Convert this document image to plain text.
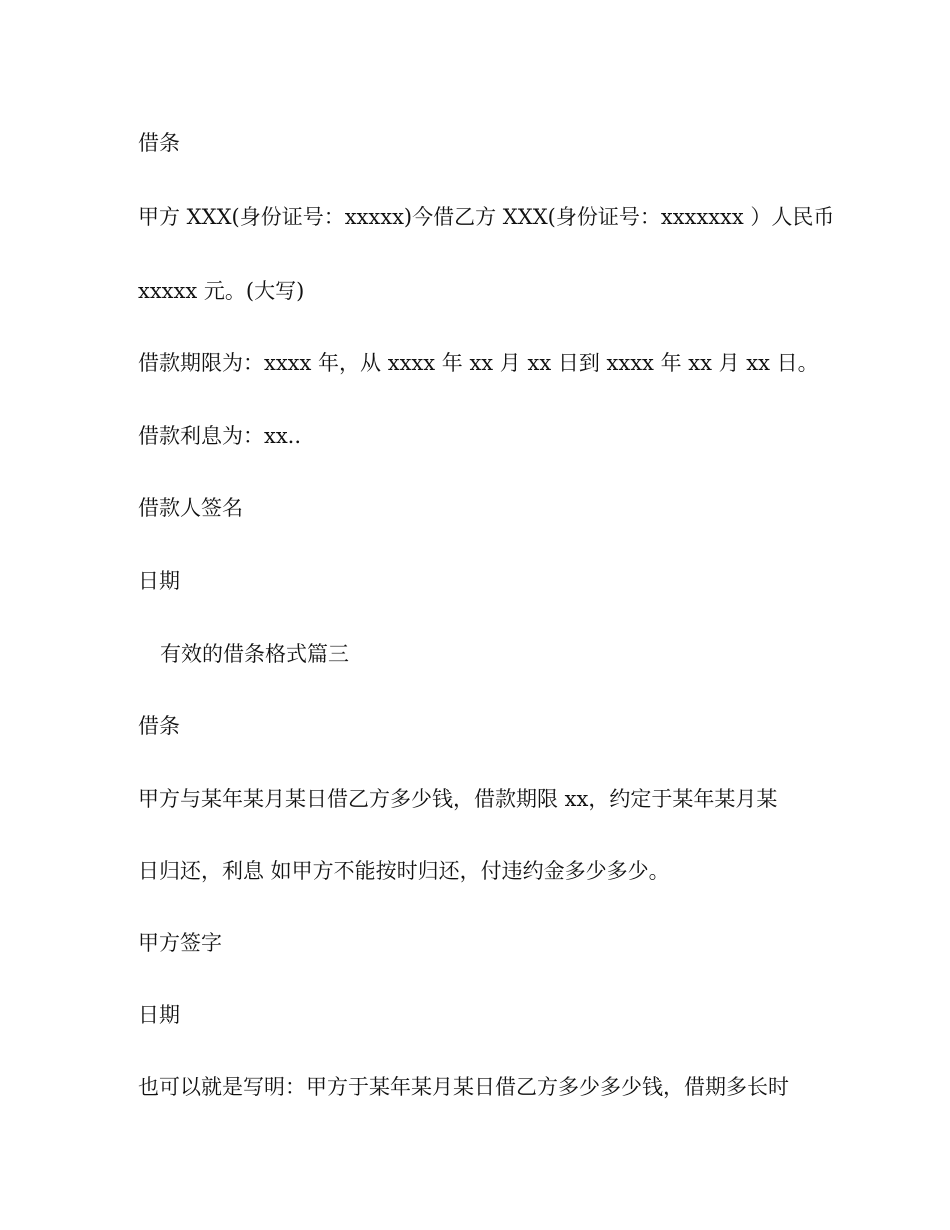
借条
甲方 XXX(身份证号：xxxxx)今借乙方 XXX(身份证号：xxxxxxx ）人民币
xxxxx 元。(大写)
借款期限为：xxxx 年，从 xxxx 年 xx 月 xx 日到 xxxx 年 xx 月 xx 日。
借款利息为：xx..
借款人签名
日期
有效的借条格式篇三
借条
甲方与某年某月某日借乙方多少钱，借款期限 xx，约定于某年某月某
日归还，利息 如甲方不能按时归还，付违约金多少多少。
甲方签字
日期
也可以就是写明：甲方于某年某月某日借乙方多少多少钱，借期多长时
